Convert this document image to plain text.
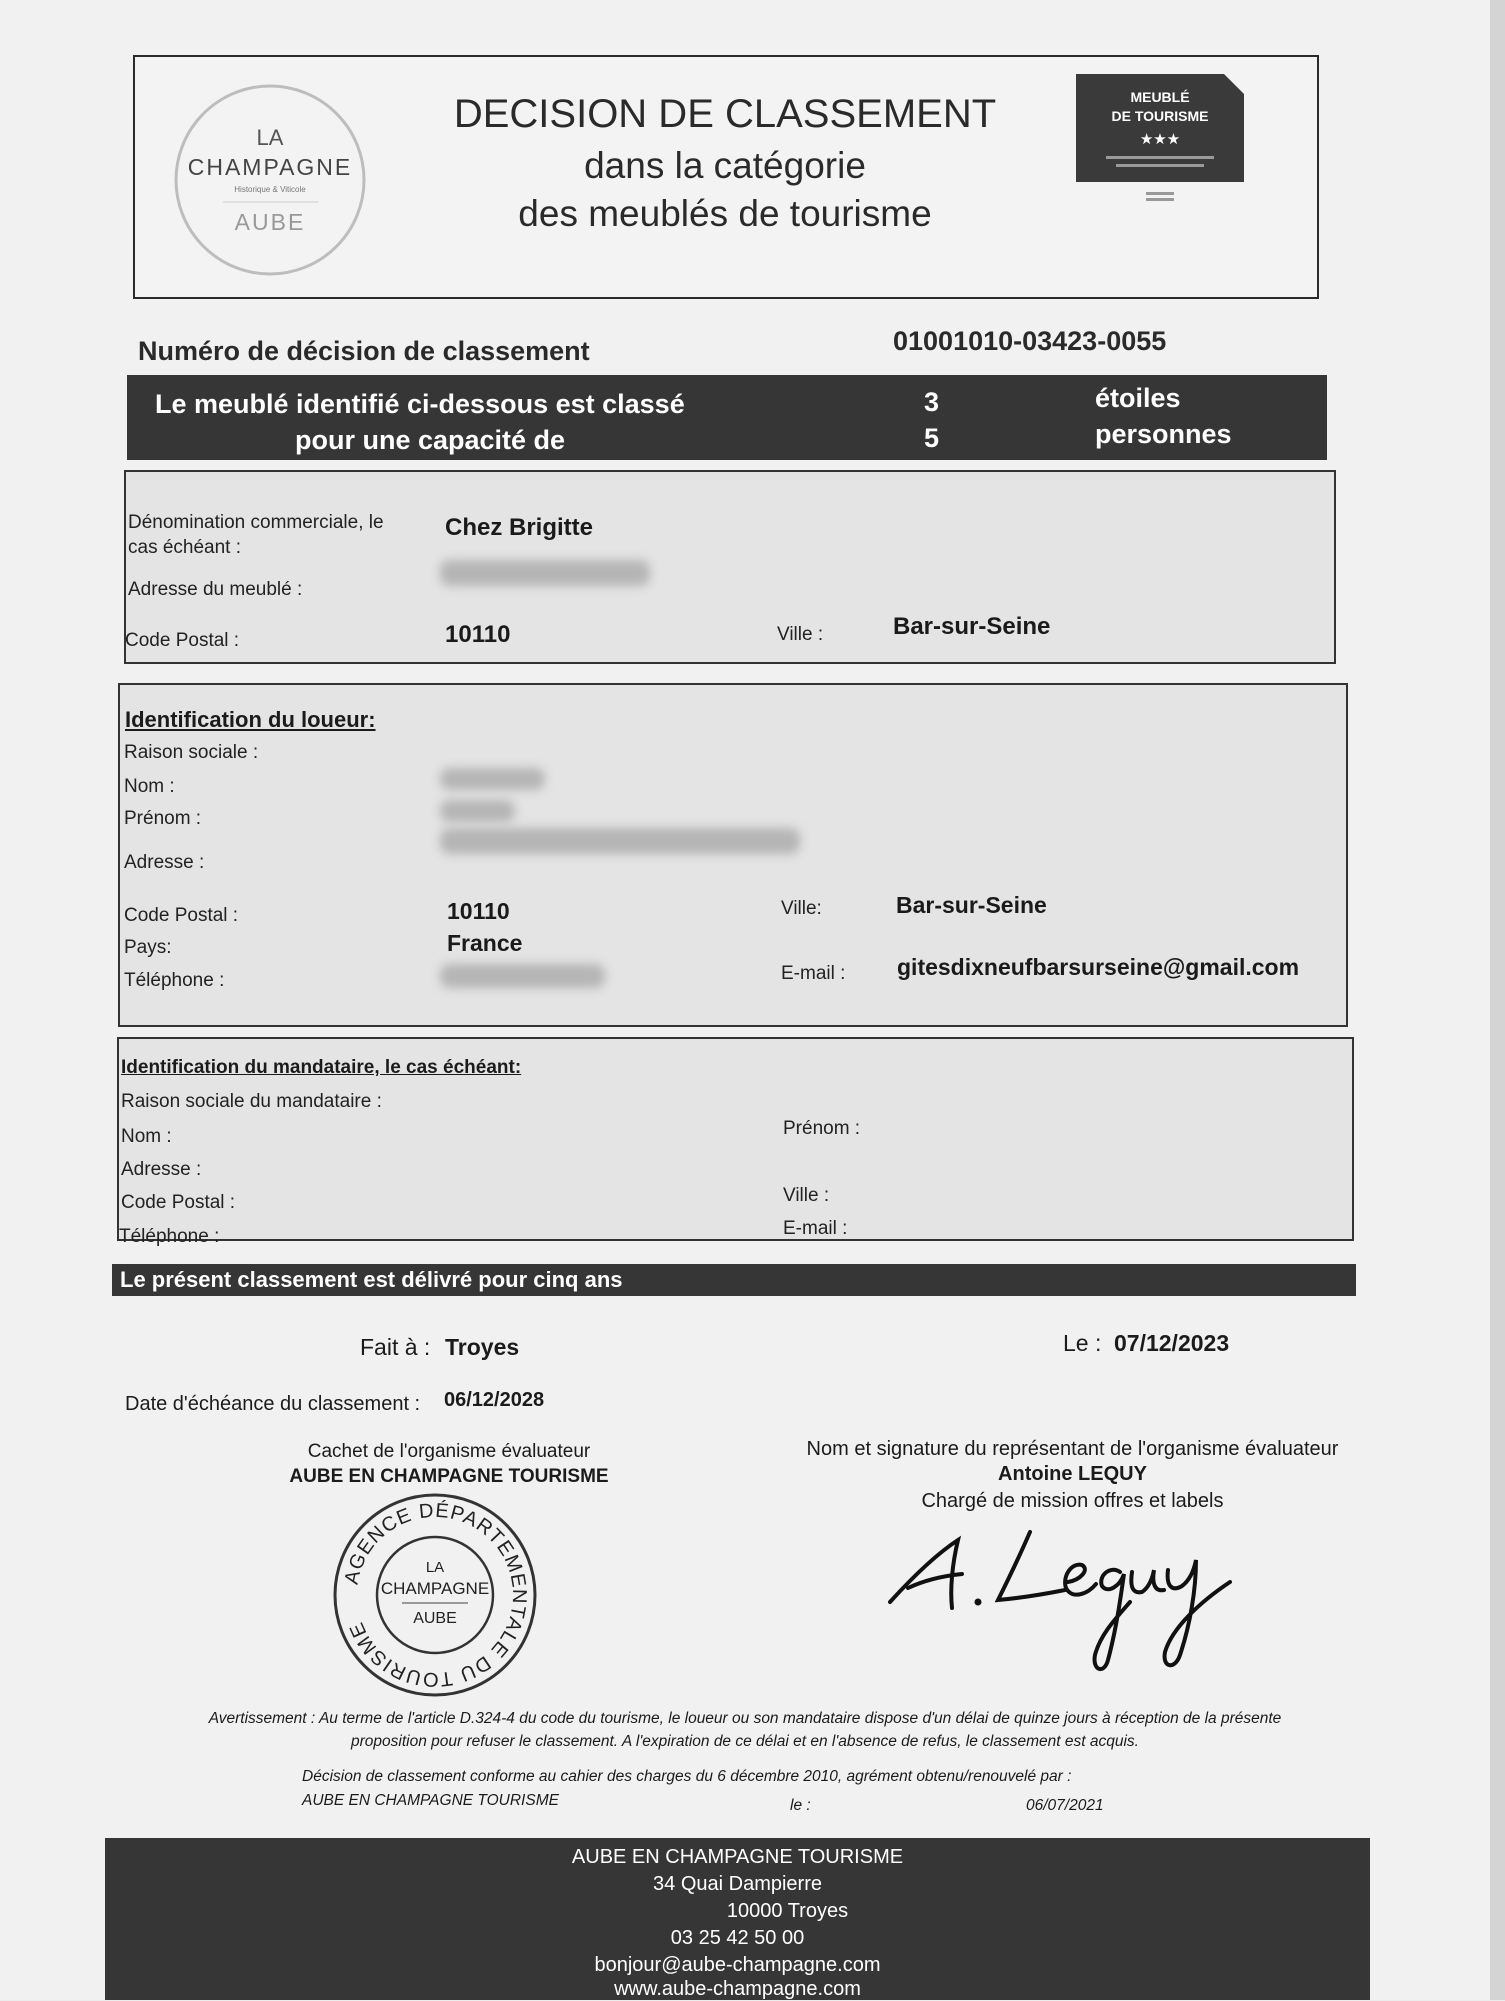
LA
CHAMPAGNE
Historique & Viticole
AUBE
DECISION DE CLASSEMENT
dans la catégorie
des meublés de tourisme
MEUBLÉ
DE TOURISME
★★★
Numéro de décision de classement	01001010-03423-0055
Le meublé identifié ci-dessous est classé
pour une capacité de
3
5
étoiles
personnes
Dénomination commerciale, le
cas échéant :
Chez Brigitte
Adresse du meublé :
Code Postal :	10110	Ville :	Bar-sur-Seine
Identification du loueur:
Raison sociale :
Nom :
Prénom :
Adresse :
Code Postal :	10110	Ville:	Bar-sur-Seine
Pays:	France
Téléphone :	E-mail : gitesdixneufbarsurseine@gmail.com
Identification du mandataire, le cas échéant:
Raison sociale du mandataire :
Nom :	Prénom :
Adresse :
Code Postal :	Ville :
Téléphone :	E-mail :
Le présent classement est délivré pour cinq ans
Fait à : Troyes	Le : 07/12/2023
Date d'échéance du classement : 06/12/2028
Cachet de l'organisme évaluateur
AUBE EN CHAMPAGNE TOURISME
AGENCE DÉPARTEMENTALE DU TOURISME
LA
CHAMPAGNE
AUBE
Nom et signature du représentant de l'organisme évaluateur
Antoine LEQUY
Chargé de mission offres et labels
A.Lequy
Avertissement : Au terme de l'article D.324-4 du code du tourisme, le loueur ou son mandataire dispose d'un délai de quinze jours à réception de la présente
proposition pour refuser le classement. A l'expiration de ce délai et en l'absence de refus, le classement est acquis.
Décision de classement conforme au cahier des charges du 6 décembre 2010, agrément obtenu/renouvelé par :
AUBE EN CHAMPAGNE TOURISME	le :	06/07/2021
AUBE EN CHAMPAGNE TOURISME
34 Quai Dampierre
10000 Troyes
03 25 42 50 00
bonjour@aube-champagne.com
www.aube-champagne.com
